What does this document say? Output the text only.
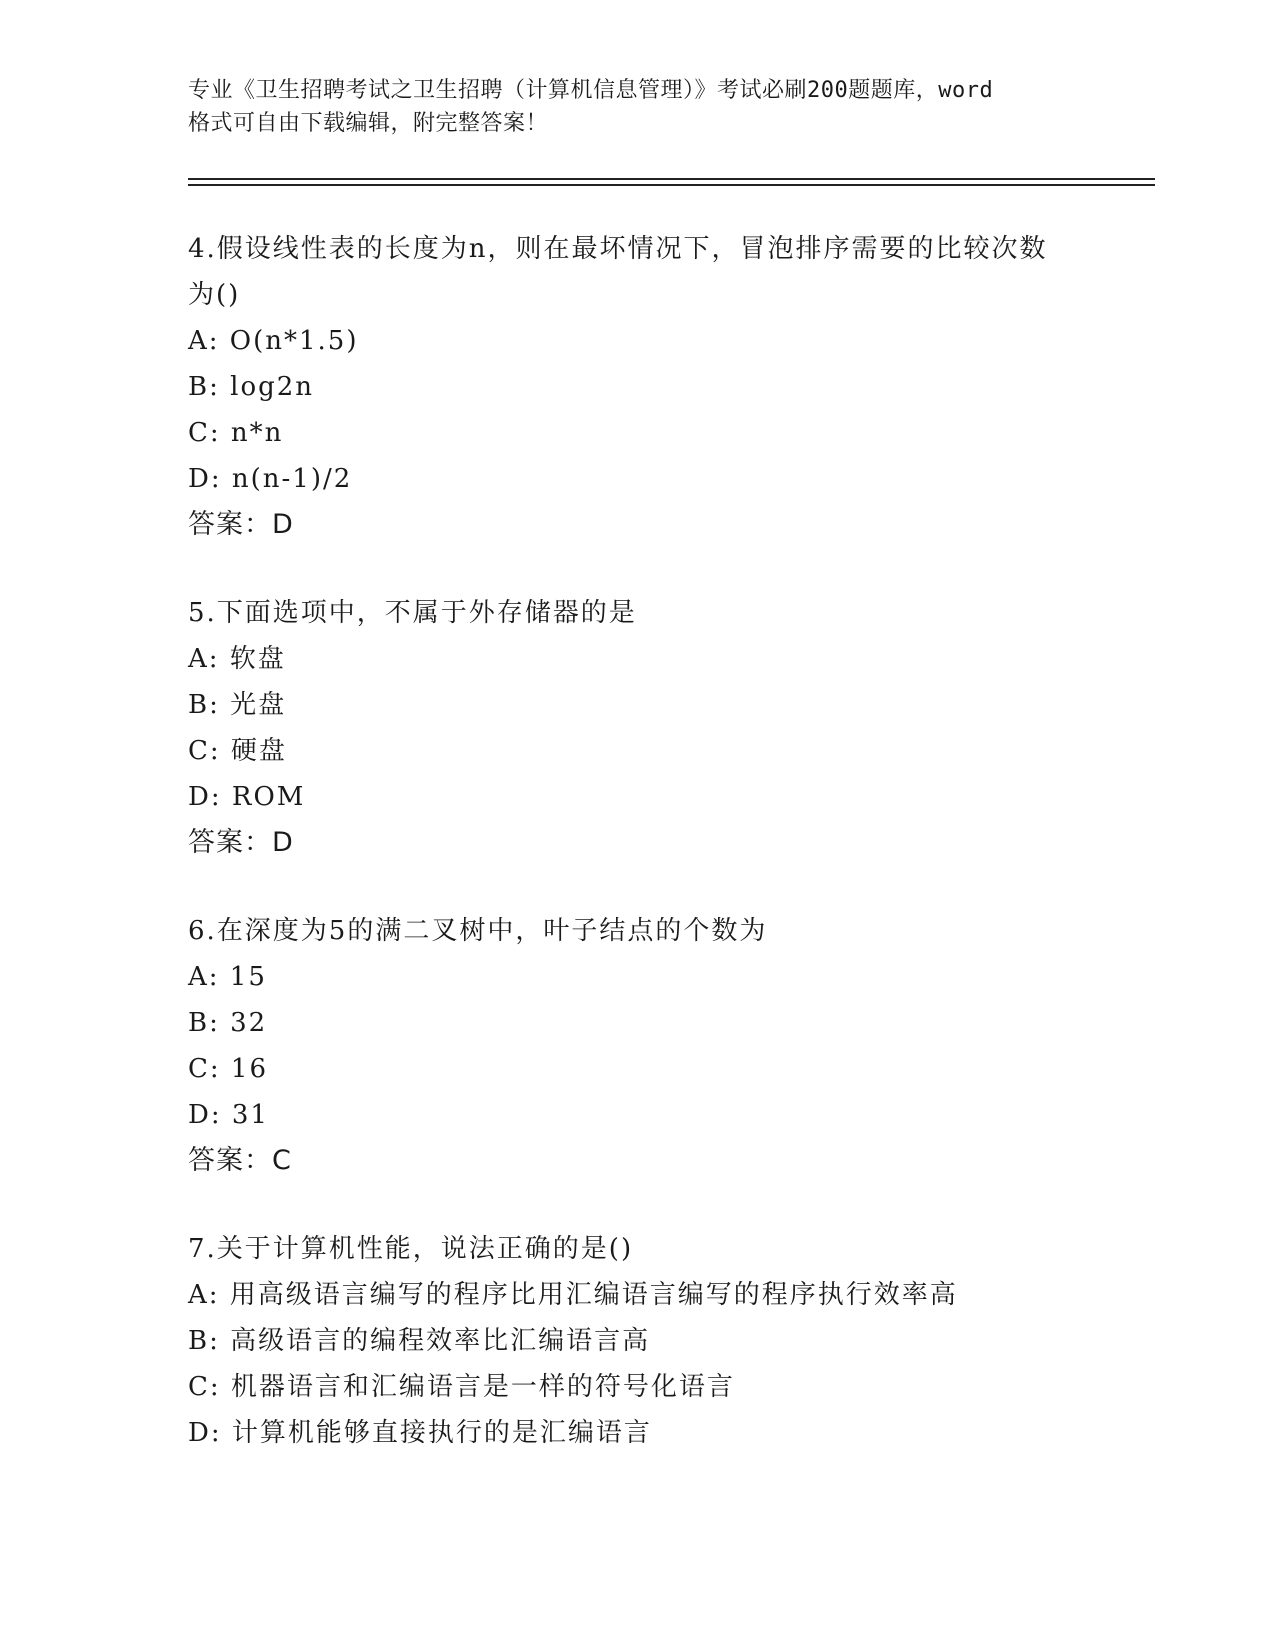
专业《卫生招聘考试之卫生招聘（计算机信息管理）》考试必刷200题题库，word
格式可自由下载编辑，附完整答案！

4.假设线性表的长度为n，则在最坏情况下，冒泡排序需要的比较次数

为()

A: O(n*1.5)

B: log2n

C: n*n

D: n(n-1)/2

答案：D

5.下面选项中，不属于外存储器的是

A: 软盘

B: 光盘

C: 硬盘

D: ROM

答案：D

6.在深度为5的满二叉树中，叶子结点的个数为

A: 15

B: 32

C: 16

D: 31

答案：C

7.关于计算机性能，说法正确的是()

A: 用高级语言编写的程序比用汇编语言编写的程序执行效率高

B: 高级语言的编程效率比汇编语言高

C: 机器语言和汇编语言是一样的符号化语言

D: 计算机能够直接执行的是汇编语言
